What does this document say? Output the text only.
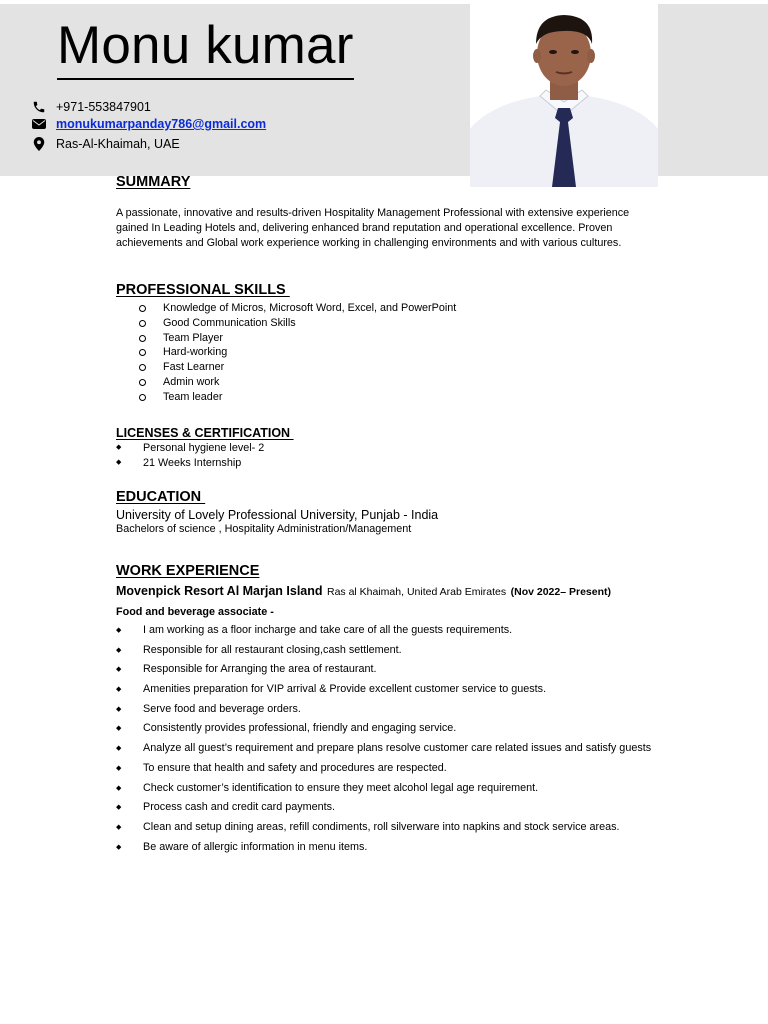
Monu kumar
+971-553847901
monukumarpanday786@gmail.com
Ras-Al-Khaimah, UAE
SUMMARY

A passionate, innovative and results-driven Hospitality Management Professional with extensive experience gained In Leading Hotels and, delivering enhanced brand reputation and operational excellence. Proven achievements and Global work experience working in challenging environments and with various cultures.

PROFESSIONAL SKILLS
Knowledge of Micros, Microsoft Word, Excel, and PowerPoint
Good Communication Skills
Team Player
Hard-working
Fast Learner
Admin work
Team leader
LICENSES & CERTIFICATION
◆ Personal hygiene level- 2
◆ 21 Weeks Internship
EDUCATION
University of Lovely Professional University, Punjab - India
Bachelors of science , Hospitality Administration/Management
WORK EXPERIENCE
Movenpick Resort Al Marjan Island Ras al Khaimah, United Arab Emirates (Nov 2022– Present)
Food and beverage associate -
◆ I am working as a floor incharge and take care of all the guests requirements.
◆ Responsible for all restaurant closing,cash settlement.
◆ Responsible for Arranging the area of restaurant.
◆ Amenities preparation for VIP arrival & Provide excellent customer service to guests.
◆ Serve food and beverage orders.
◆ Consistently provides professional, friendly and engaging service.
◆ Analyze all guest’s requirement and prepare plans resolve customer care related issues and satisfy guests
◆ To ensure that health and safety and procedures are respected.
◆ Check customer’s identification to ensure they meet alcohol legal age requirement.
◆ Process cash and credit card payments.
◆ Clean and setup dining areas, refill condiments, roll silverware into napkins and stock service areas.
◆ Be aware of allergic information in menu items.
